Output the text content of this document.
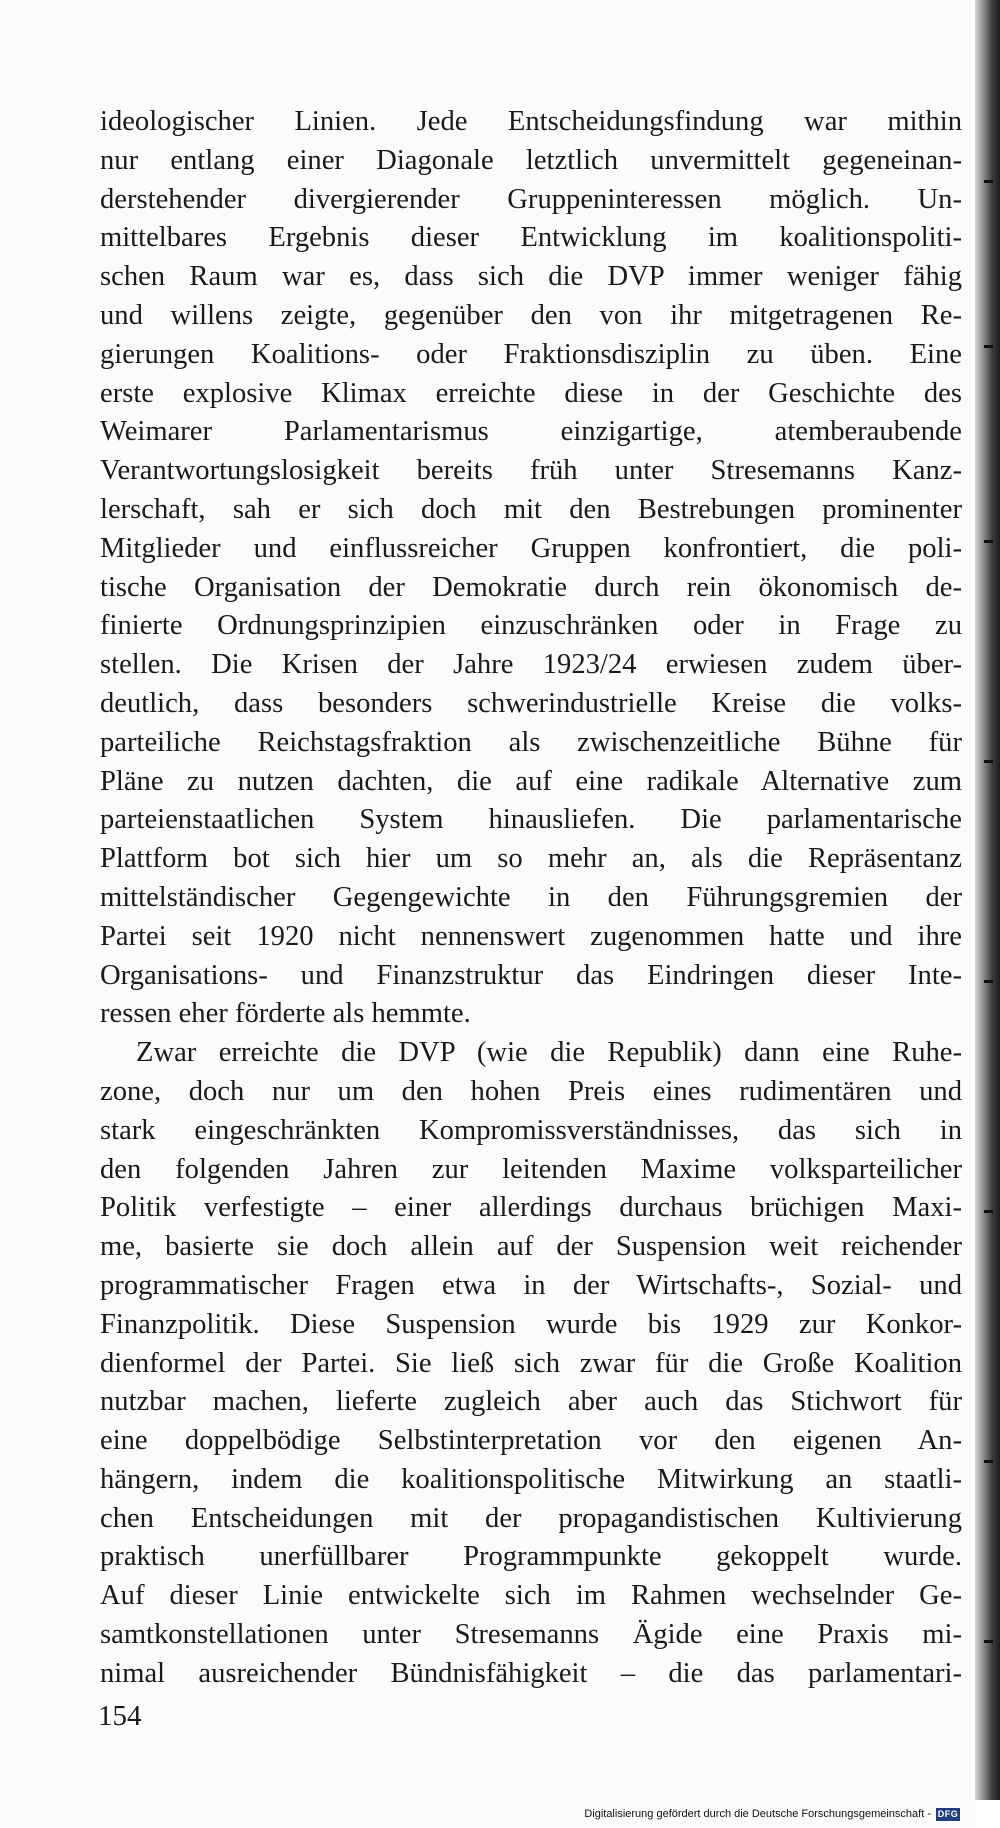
ideologischer Linien. Jede Entscheidungsfindung war mithin
nur entlang einer Diagonale letztlich unvermittelt gegeneinan-
derstehender divergierender Gruppeninteressen möglich. Un-
mittelbares Ergebnis dieser Entwicklung im koalitionspoliti-
schen Raum war es, dass sich die DVP immer weniger fähig
und willens zeigte, gegenüber den von ihr mitgetragenen Re-
gierungen Koalitions- oder Fraktionsdisziplin zu üben. Eine
erste explosive Klimax erreichte diese in der Geschichte des
Weimarer Parlamentarismus einzigartige, atemberaubende
Verantwortungslosigkeit bereits früh unter Stresemanns Kanz-
lerschaft, sah er sich doch mit den Bestrebungen prominenter
Mitglieder und einflussreicher Gruppen konfrontiert, die poli-
tische Organisation der Demokratie durch rein ökonomisch de-
finierte Ordnungsprinzipien einzuschränken oder in Frage zu
stellen. Die Krisen der Jahre 1923/24 erwiesen zudem über-
deutlich, dass besonders schwerindustrielle Kreise die volks-
parteiliche Reichstagsfraktion als zwischenzeitliche Bühne für
Pläne zu nutzen dachten, die auf eine radikale Alternative zum
parteienstaatlichen System hinausliefen. Die parlamentarische
Plattform bot sich hier um so mehr an, als die Repräsentanz
mittelständischer Gegengewichte in den Führungsgremien der
Partei seit 1920 nicht nennenswert zugenommen hatte und ihre
Organisations- und Finanzstruktur das Eindringen dieser Inte-
ressen eher förderte als hemmte.
Zwar erreichte die DVP (wie die Republik) dann eine Ruhe-
zone, doch nur um den hohen Preis eines rudimentären und
stark eingeschränkten Kompromissverständnisses, das sich in
den folgenden Jahren zur leitenden Maxime volksparteilicher
Politik verfestigte – einer allerdings durchaus brüchigen Maxi-
me, basierte sie doch allein auf der Suspension weit reichender
programmatischer Fragen etwa in der Wirtschafts-, Sozial- und
Finanzpolitik. Diese Suspension wurde bis 1929 zur Konkor-
dienformel der Partei. Sie ließ sich zwar für die Große Koalition
nutzbar machen, lieferte zugleich aber auch das Stichwort für
eine doppelbödige Selbstinterpretation vor den eigenen An-
hängern, indem die koalitionspolitische Mitwirkung an staatli-
chen Entscheidungen mit der propagandistischen Kultivierung
praktisch unerfüllbarer Programmpunkte gekoppelt wurde.
Auf dieser Linie entwickelte sich im Rahmen wechselnder Ge-
samtkonstellationen unter Stresemanns Ägide eine Praxis mi-
nimal ausreichender Bündnisfähigkeit – die das parlamentari-
154
Digitalisierung gefördert durch die Deutsche Forschungsgemeinschaft - DFG
